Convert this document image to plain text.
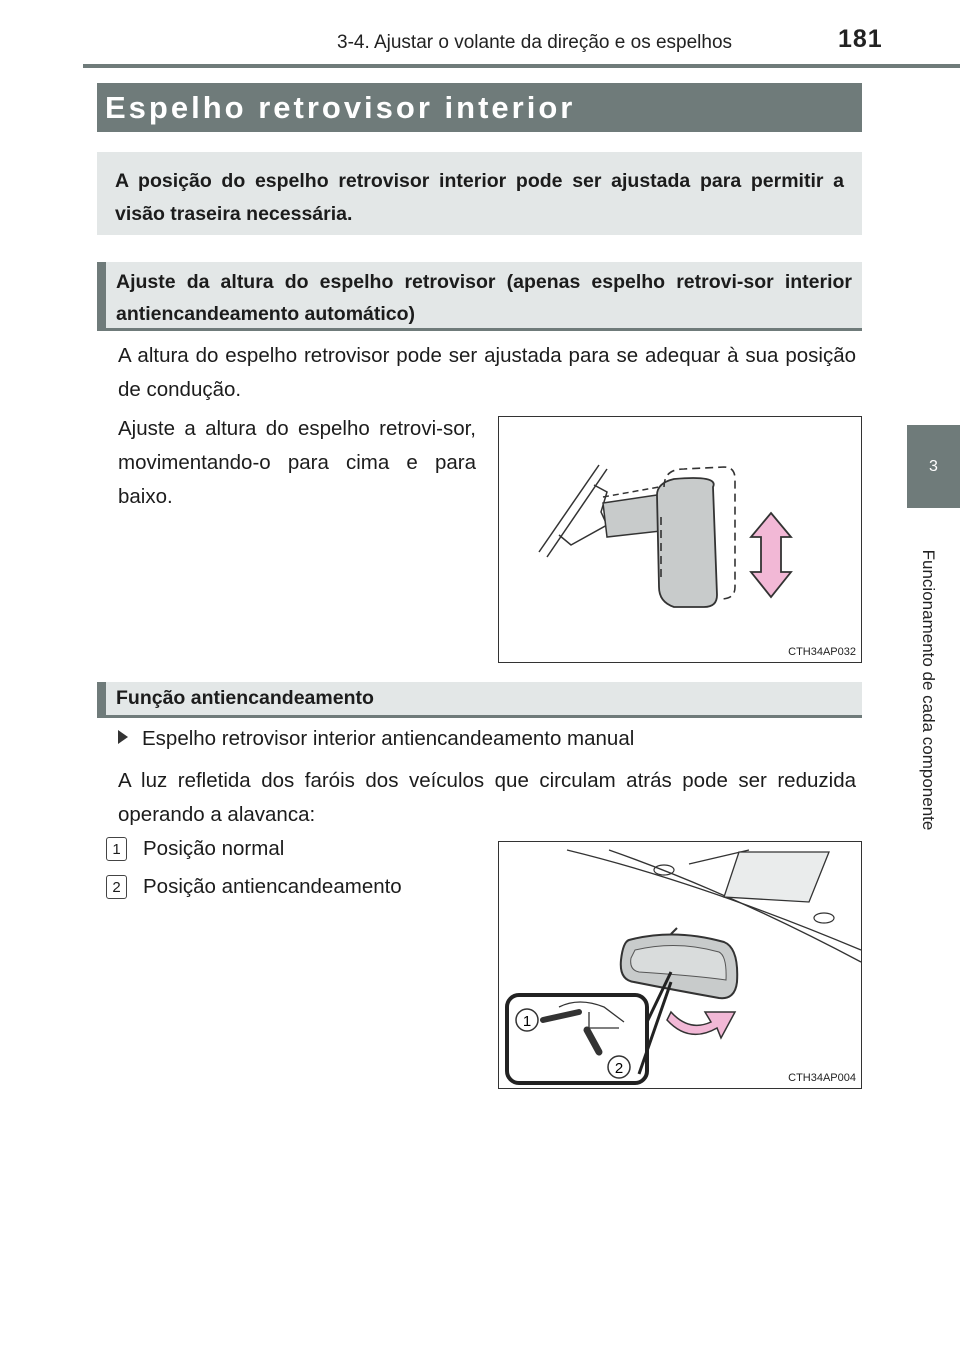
3-4. Ajustar o volante da direção e os espelhos	181
3
Funcionamento de cada componente
Espelho retrovisor interior
A posição do espelho retrovisor interior pode ser ajustada para permitir a visão traseira necessária.
Ajuste da altura do espelho retrovisor (apenas espelho retrovi-sor interior antiencandeamento automático)
A altura do espelho retrovisor pode ser ajustada para se adequar à sua posição de condução.
Ajuste a altura do espelho retrovi-sor, movimentando-o para cima e para baixo.
CTH34AP032
Função antiencandeamento
Espelho retrovisor interior antiencandeamento manual
A luz refletida dos faróis dos veículos que circulam atrás pode ser reduzida operando a alavanca:
1	Posição normal
2	Posição antiencandeamento
1
2
CTH34AP004
